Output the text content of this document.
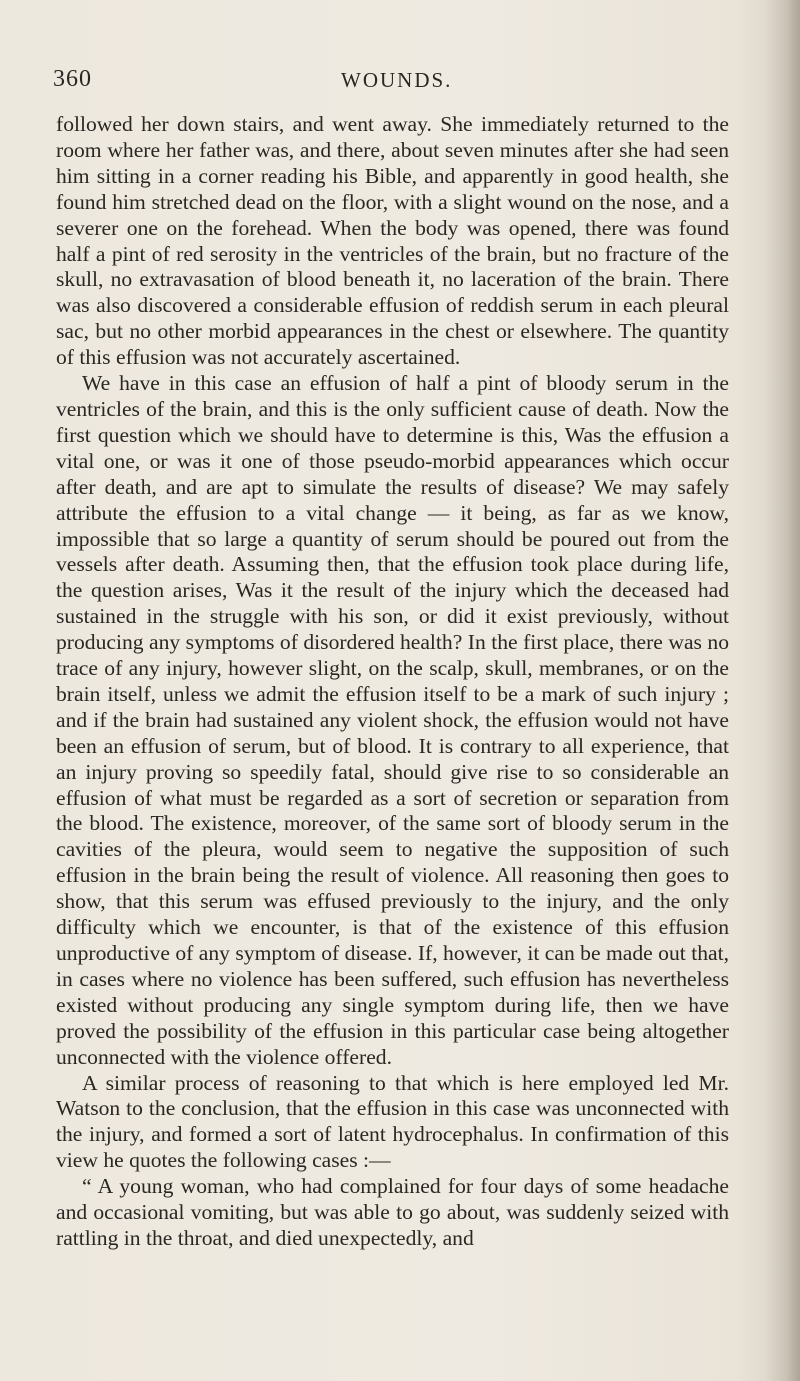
360	WOUNDS.

followed her down stairs, and went away. She immediately returned to the room where her father was, and there, about seven minutes after she had seen him sitting in a corner reading his Bible, and apparently in good health, she found him stretched dead on the floor, with a slight wound on the nose, and a severer one on the forehead. When the body was opened, there was found half a pint of red serosity in the ventricles of the brain, but no fracture of the skull, no extravasation of blood beneath it, no laceration of the brain. There was also discovered a considerable effusion of reddish serum in each pleural sac, but no other morbid appearances in the chest or elsewhere. The quantity of this effusion was not accurately ascertained.

We have in this case an effusion of half a pint of bloody serum in the ventricles of the brain, and this is the only sufficient cause of death. Now the first question which we should have to determine is this, Was the effusion a vital one, or was it one of those pseudo-morbid appearances which occur after death, and are apt to simulate the results of disease? We may safely attribute the effusion to a vital change — it being, as far as we know, impossible that so large a quantity of serum should be poured out from the vessels after death. Assuming then, that the effusion took place during life, the question arises, Was it the result of the injury which the deceased had sustained in the struggle with his son, or did it exist previously, without producing any symptoms of disordered health? In the first place, there was no trace of any injury, however slight, on the scalp, skull, membranes, or on the brain itself, unless we admit the effusion itself to be a mark of such injury ; and if the brain had sustained any violent shock, the effusion would not have been an effusion of serum, but of blood. It is contrary to all experience, that an injury proving so speedily fatal, should give rise to so considerable an effusion of what must be regarded as a sort of secretion or separation from the blood. The existence, moreover, of the same sort of bloody serum in the cavities of the pleura, would seem to negative the supposition of such effusion in the brain being the result of violence. All reasoning then goes to show, that this serum was effused previously to the injury, and the only difficulty which we encounter, is that of the existence of this effusion unproductive of any symptom of disease. If, however, it can be made out that, in cases where no violence has been suffered, such effusion has nevertheless existed without producing any single symptom during life, then we have proved the possibility of the effusion in this particular case being altogether unconnected with the violence offered.

A similar process of reasoning to that which is here employed led Mr. Watson to the conclusion, that the effusion in this case was unconnected with the injury, and formed a sort of latent hydrocephalus. In confirmation of this view he quotes the following cases :—

“ A young woman, who had complained for four days of some headache and occasional vomiting, but was able to go about, was suddenly seized with rattling in the throat, and died unexpectedly, and
